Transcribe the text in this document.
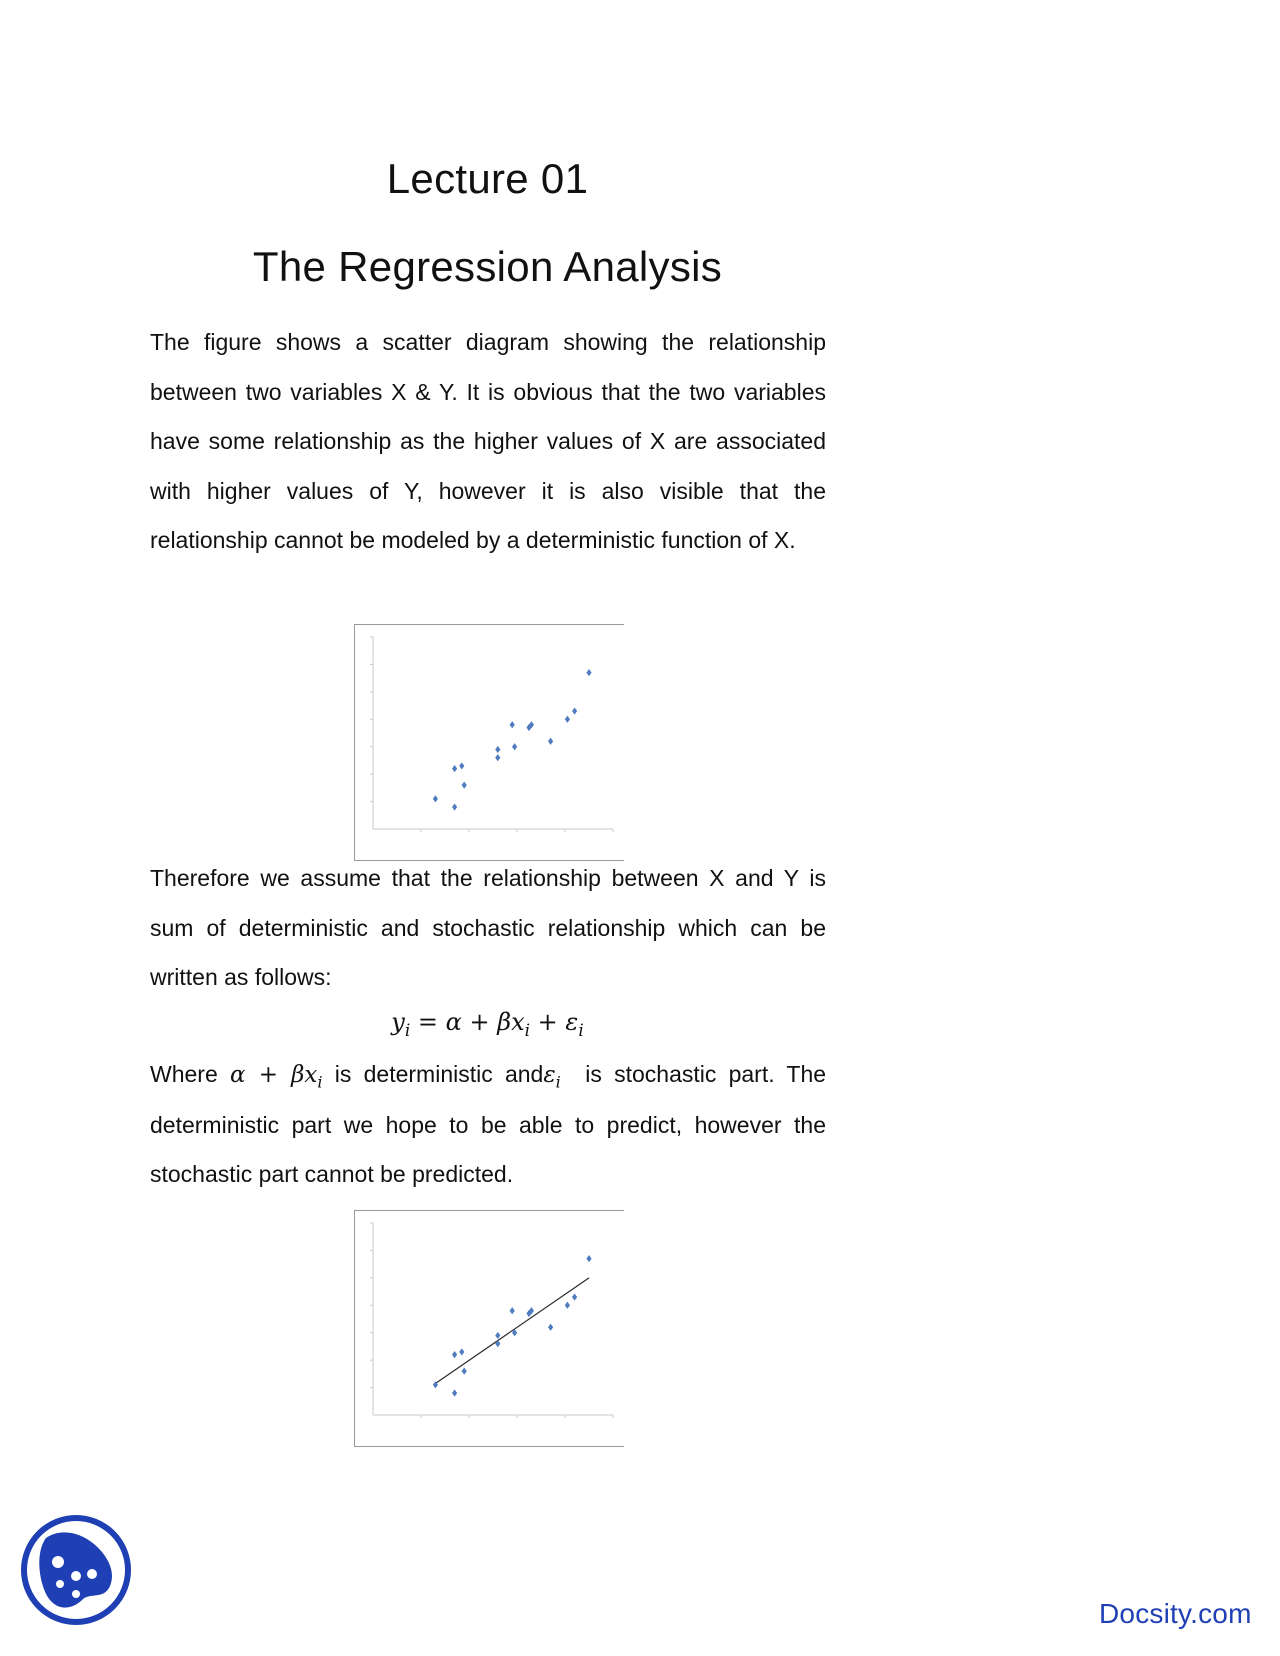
Lecture 01
The Regression Analysis

The figure shows a scatter diagram showing the relationship between two variables X & Y. It is obvious that the two variables have some relationship as the higher values of X are associated with higher values of Y, however it is also visible that the relationship cannot be modeled by a deterministic function of X.

Therefore we assume that the relationship between X and Y is sum of deterministic and stochastic relationship which can be written as follows:

$y_i = \alpha + \beta x_i + \varepsilon_i$

Where $\alpha + \beta x_i$ is deterministic andε$_i$ is stochastic part. The deterministic part we hope to be able to predict, however the stochastic part cannot be predicted.

Docsity.com
